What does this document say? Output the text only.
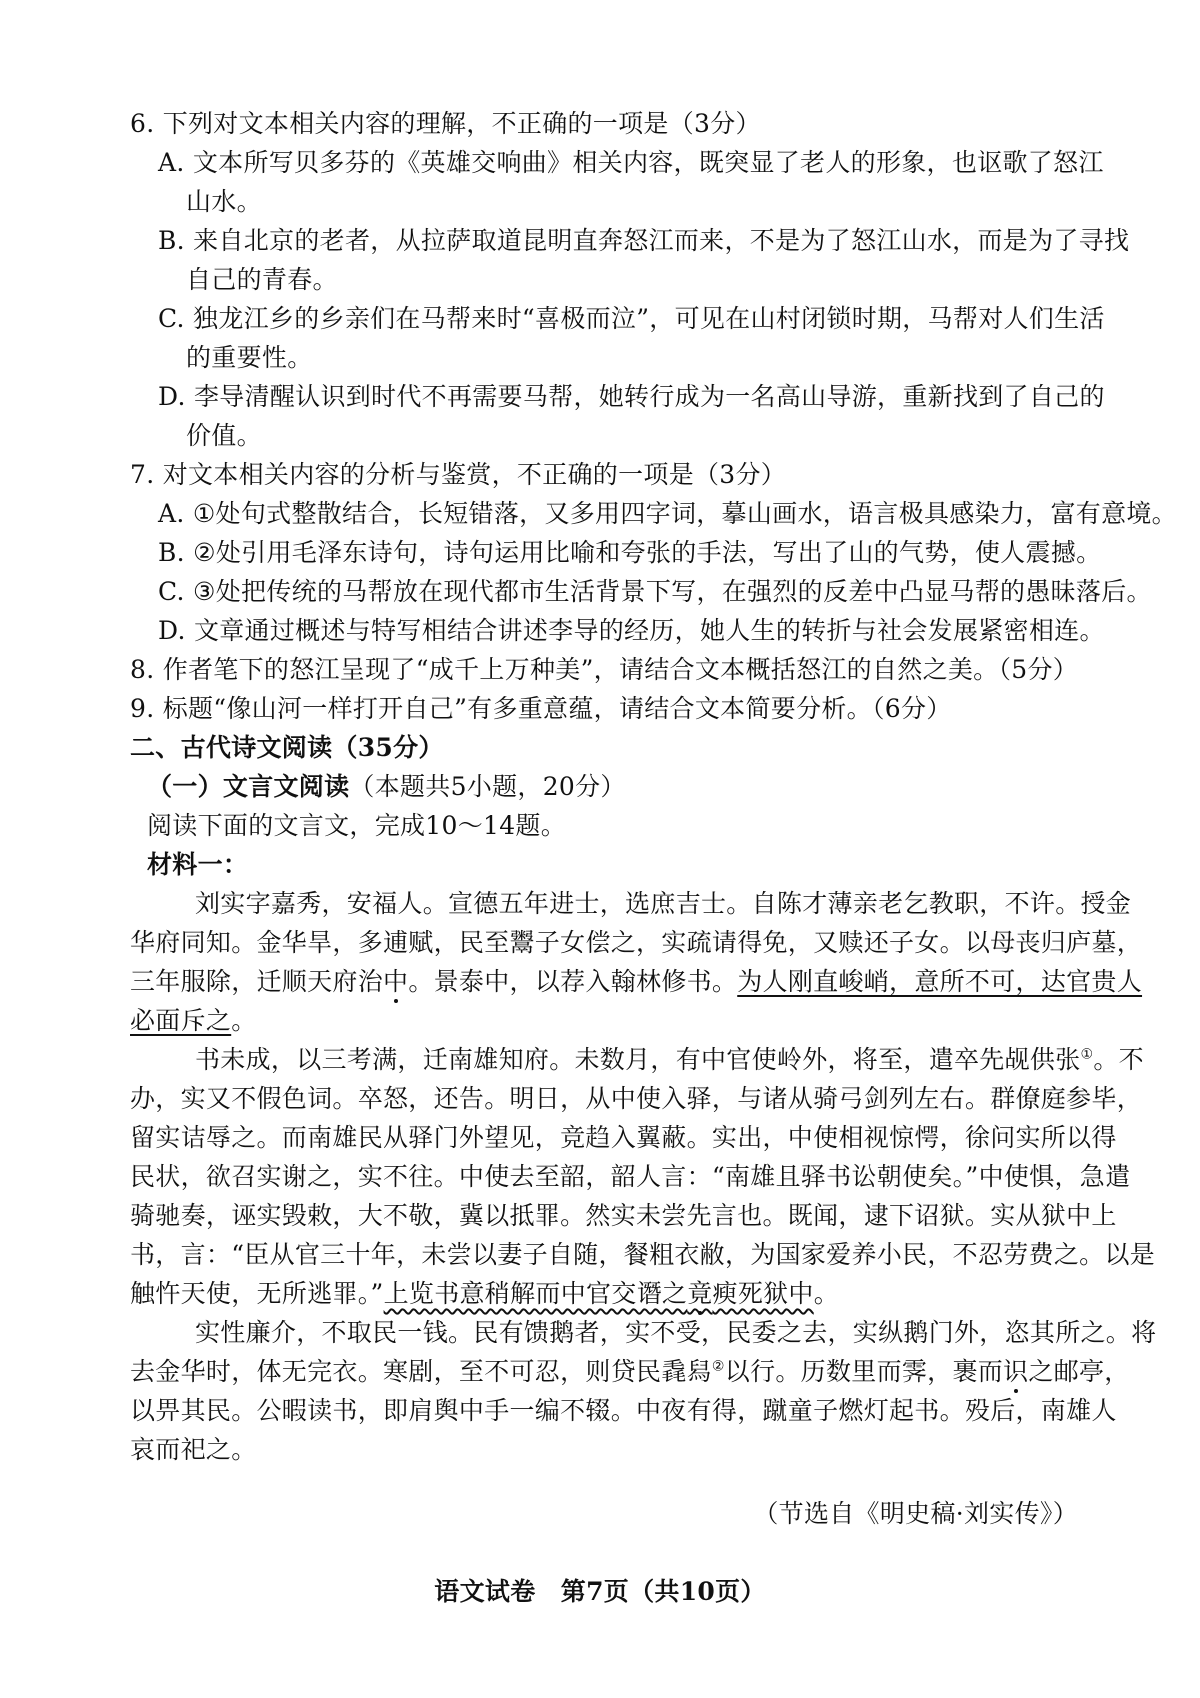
6. 下列对文本相关内容的理解，不正确的一项是（3分）
A. 文本所写贝多芬的《英雄交响曲》相关内容，既突显了老人的形象，也讴歌了怒江
山水。
B. 来自北京的老者，从拉萨取道昆明直奔怒江而来，不是为了怒江山水，而是为了寻找
自己的青春。
C. 独龙江乡的乡亲们在马帮来时“喜极而泣”，可见在山村闭锁时期，马帮对人们生活
的重要性。
D. 李导清醒认识到时代不再需要马帮，她转行成为一名高山导游，重新找到了自己的
价值。
7. 对文本相关内容的分析与鉴赏，不正确的一项是（3分）
A. ①处句式整散结合，长短错落，又多用四字词，摹山画水，语言极具感染力，富有意境。
B. ②处引用毛泽东诗句，诗句运用比喻和夸张的手法，写出了山的气势，使人震撼。
C. ③处把传统的马帮放在现代都市生活背景下写，在强烈的反差中凸显马帮的愚昧落后。
D. 文章通过概述与特写相结合讲述李导的经历，她人生的转折与社会发展紧密相连。
8. 作者笔下的怒江呈现了“成千上万种美”，请结合文本概括怒江的自然之美。（5分）
9. 标题“像山河一样打开自己”有多重意蕴，请结合文本简要分析。（6分）
二、古代诗文阅读（35分）
（一）文言文阅读（本题共5小题，20分）
阅读下面的文言文，完成10～14题。
材料一：
刘实字嘉秀，安福人。宣德五年进士，选庶吉士。自陈才薄亲老乞教职，不许。授金
华府同知。金华旱，多逋赋，民至鬻子女偿之，实疏请得免，又赎还子女。以母丧归庐墓，
三年服除，迁顺天府治中。景泰中，以荐入翰林修书。为人刚直峻峭，意所不可，达官贵人
必面斥之。
书未成，以三考满，迁南雄知府。未数月，有中官使岭外，将至，遣卒先觇供张①。不
办，实又不假色词。卒怒，还告。明日，从中使入驿，与诸从骑弓剑列左右。群僚庭参毕，
留实诘辱之。而南雄民从驿门外望见，竞趋入翼蔽。实出，中使相视惊愕，徐问实所以得
民状，欲召实谢之，实不往。中使去至韶，韶人言：“南雄且驿书讼朝使矣。”中使惧，急遣
骑驰奏，诬实毁敕，大不敬，冀以抵罪。然实未尝先言也。既闻，逮下诏狱。实从狱中上
书，言：“臣从官三十年，未尝以妻子自随，餐粗衣敝，为国家爱养小民，不忍劳费之。以是
触忤天使，无所逃罪。”上览书意稍解而中官交谮之竟瘐死狱中。
实性廉介，不取民一钱。民有馈鹅者，实不受，民委之去，实纵鹅门外，恣其所之。将
去金华时，体无完衣。寒剧，至不可忍，则贷民毳舄②以行。历数里而霁，裹而识之邮亭，
以畀其民。公暇读书，即肩舆中手一编不辍。中夜有得，蹴童子燃灯起书。殁后，南雄人
哀而祀之。
（节选自《明史稿·刘实传》）
语文试卷　第7页（共10页）
